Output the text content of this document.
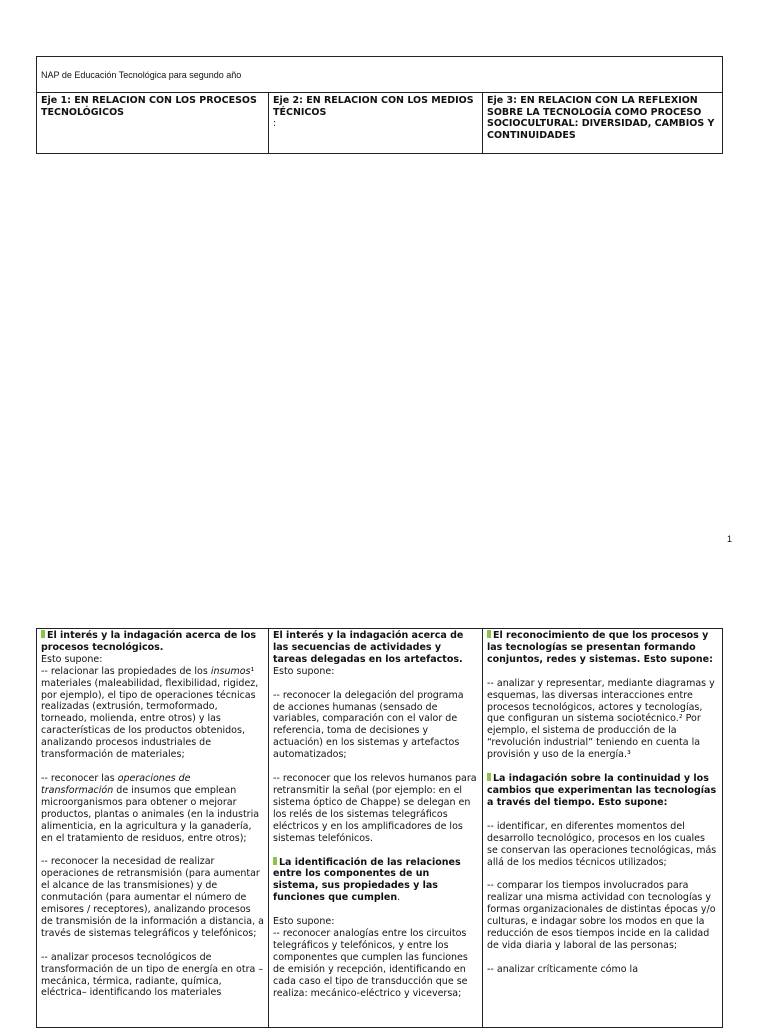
NAP de Educación Tecnológica para segundo año
Eje 1: EN RELACION CON LOS PROCESOS TECNOLÓGICOS
Eje 2: EN RELACION CON LOS MEDIOS TÉCNICOS
:
Eje 3: EN RELACION CON LA REFLEXION SOBRE LA TECNOLOGÍA COMO PROCESO SOCIOCULTURAL: DIVERSIDAD, CAMBIOS Y CONTINUIDADES
1

El interés y la indagación acerca de los procesos tecnológicos.

Esto supone:

-- relacionar las propiedades de los insumos¹ materiales (maleabilidad, flexibilidad, rigidez, por ejemplo), el tipo de operaciones técnicas realizadas (extrusión, termoformado, torneado, molienda, entre otros) y las características de los productos obtenidos, analizando procesos industriales de transformación de materiales;

-- reconocer las operaciones de transformación de insumos que emplean microorganismos para obtener o mejorar productos, plantas o animales (en la industria alimenticia, en la agricultura y la ganadería, en el tratamiento de residuos, entre otros);

-- reconocer la necesidad de realizar operaciones de retransmisión (para aumentar el alcance de las transmisiones) y de conmutación (para aumentar el número de emisores / receptores), analizando procesos de transmisión de la información a distancia, a través de sistemas telegráficos y telefónicos;

-- analizar procesos tecnológicos de transformación de un tipo de energía en otra –mecánica, térmica, radiante, química, eléctrica– identificando los materiales

El interés y la indagación acerca de las secuencias de actividades y tareas delegadas en los artefactos.

Esto supone:

-- reconocer la delegación del programa de acciones humanas (sensado de variables, comparación con el valor de referencia, toma de decisiones y actuación) en los sistemas y artefactos automatizados;

-- reconocer que los relevos humanos para retransmitir la señal (por ejemplo: en el sistema óptico de Chappe) se delegan en los relés de los sistemas telegráficos eléctricos y en los amplificadores de los sistemas telefónicos.

La identificación de las relaciones entre los componentes de un sistema, sus propiedades y las funciones que cumplen.

Esto supone:

-- reconocer analogías entre los circuitos telegráficos y telefónicos, y entre los componentes que cumplen las funciones de emisión y recepción, identificando en cada caso el tipo de transducción que se realiza: mecánico-eléctrico y viceversa;

El reconocimiento de que los procesos y las tecnologías se presentan formando conjuntos, redes y sistemas. Esto supone:

-- analizar y representar, mediante diagramas y esquemas, las diversas interacciones entre procesos tecnológicos, actores y tecnologías, que configuran un sistema sociotécnico.² Por ejemplo, el sistema de producción de la “revolución industrial” teniendo en cuenta la provisión y uso de la energía.³

La indagación sobre la continuidad y los cambios que experimentan las tecnologías a través del tiempo. Esto supone:

-- identificar, en diferentes momentos del desarrollo tecnológico, procesos en los cuales se conservan las operaciones tecnológicas, más allá de los medios técnicos utilizados;

-- comparar los tiempos involucrados para realizar una misma actividad con tecnologías y formas organizacionales de distintas épocas y/o culturas, e indagar sobre los modos en que la reducción de esos tiempos incide en la calidad de vida diaria y laboral de las personas;

-- analizar críticamente cómo la
